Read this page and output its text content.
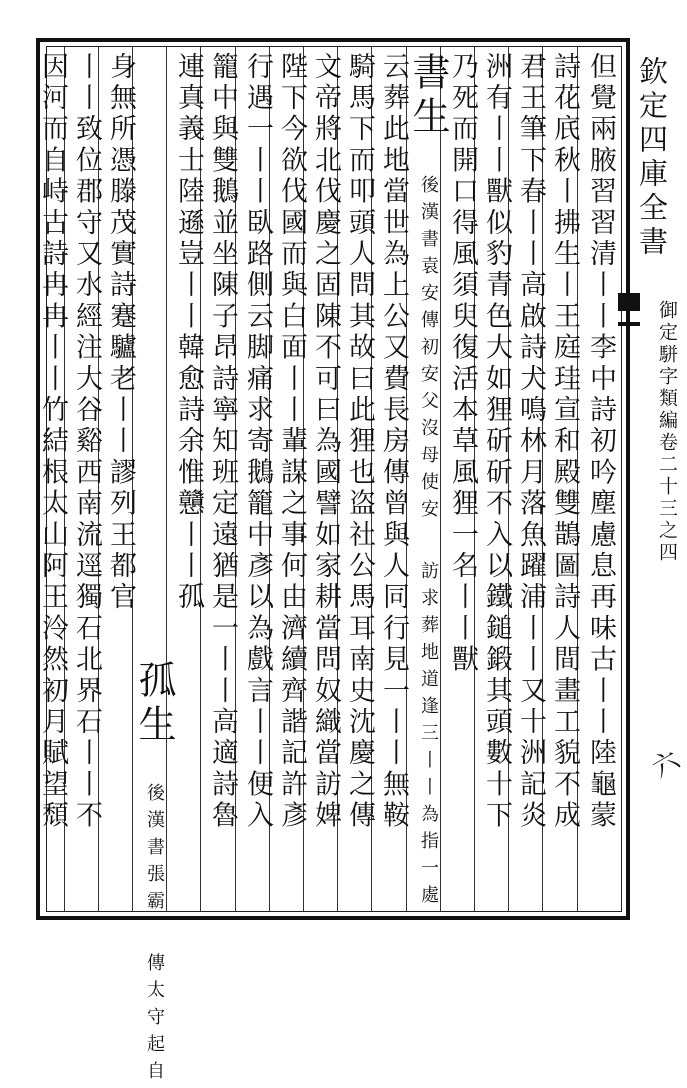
但覺兩腋習習清丨丨李中詩初吟塵慮息再味古丨丨陸龜蒙
詩花㡳秋丨拂生丨王庭珪宣和殿雙鵲圖詩人間畫工貌不成
君王筆下春丨丨高啟詩犬鳴林月落魚躍浦丨丨又十洲記炎
洲有丨丨獸似豹青色大如狸斫斫不入以鐵鎚鍛其頭數十下
乃死而開口得風須臾復活本草風狸一名丨丨獸
書生 後漢書袁安傳初安父沒母使安 訪求葬地道逢三丨丨為指一處
云葬此地當世為上公又費長房傳曾與人同行見一丨丨無鞍
騎馬下而叩頭人問其故曰此狸也盗社公馬耳南史沈慶之傳
文帝將北伐慶之固陳不可曰為國譬如家耕當問奴織當訪婢
陛下今欲伐國而與白面丨丨輩謀之事何由濟續齊諧記許彥
行遇一丨丨臥路側云脚痛求寄鵝籠中彥以為戲言丨丨便入
籠中與雙鵝並坐陳子昂詩寧知班定遠猶是一丨丨高適詩魯
連真義士陸遜豈丨丨韓愈詩余惟戇丨丨孤
孤生 後漢書張霸 傳太守起自
身無所憑滕茂實詩蹇驢老丨丨謬列王都官
丨丨致位郡守又水經注大谷谿西南流逕獨石北界石丨丨不
因河而自峙古詩冉冉丨丨竹結根太山阿王泠然初月賦望頹	欽定四庫全書
御定駢字類編卷二十三之四
六
